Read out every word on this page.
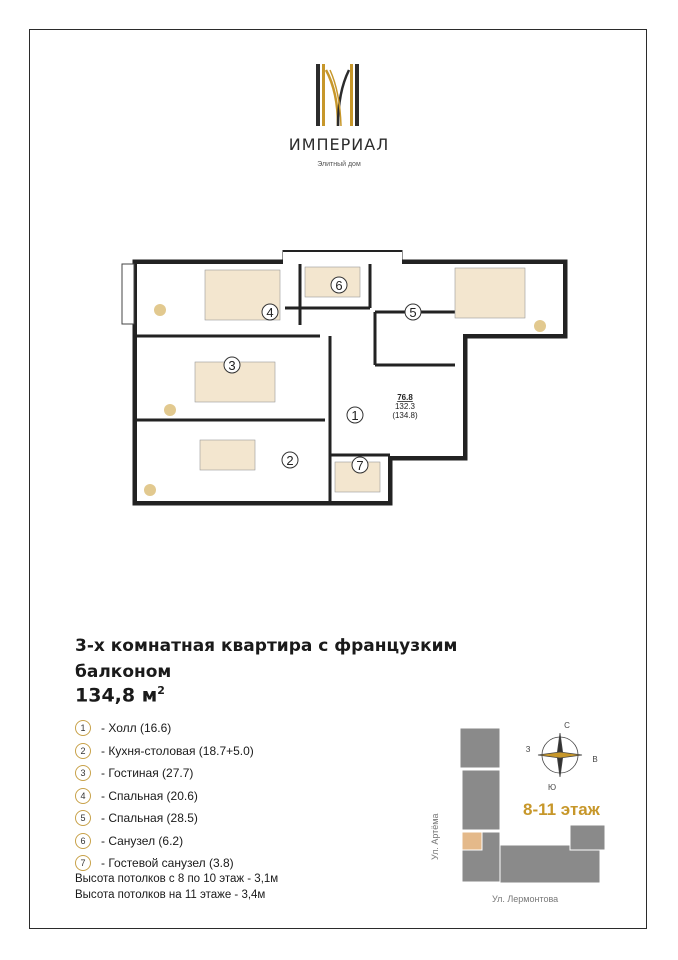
ИМПЕРИАЛ
Элитный дом
4
6
5
3
1
2	7
76.8
132.3
(134.8)
3-х комнатная квартира с французким
балконом
134,8 $м^2$
1	- Холл (16.6)
2	- Кухня-столовая (18.7+5.0)
3	- Гостиная (27.7)
4	- Спальная (20.6)
5	- Спальная (28.5)
6	- Санузел (6.2)
7	- Гостевой санузел (3.8)
Высота потолков с 8 по 10 этаж - 3,1м
Высота потолков на 11 этаже - 3,4м
С
В
Ю
З
8-11 этаж
Ул. Артёма
Ул. Лермонтова
